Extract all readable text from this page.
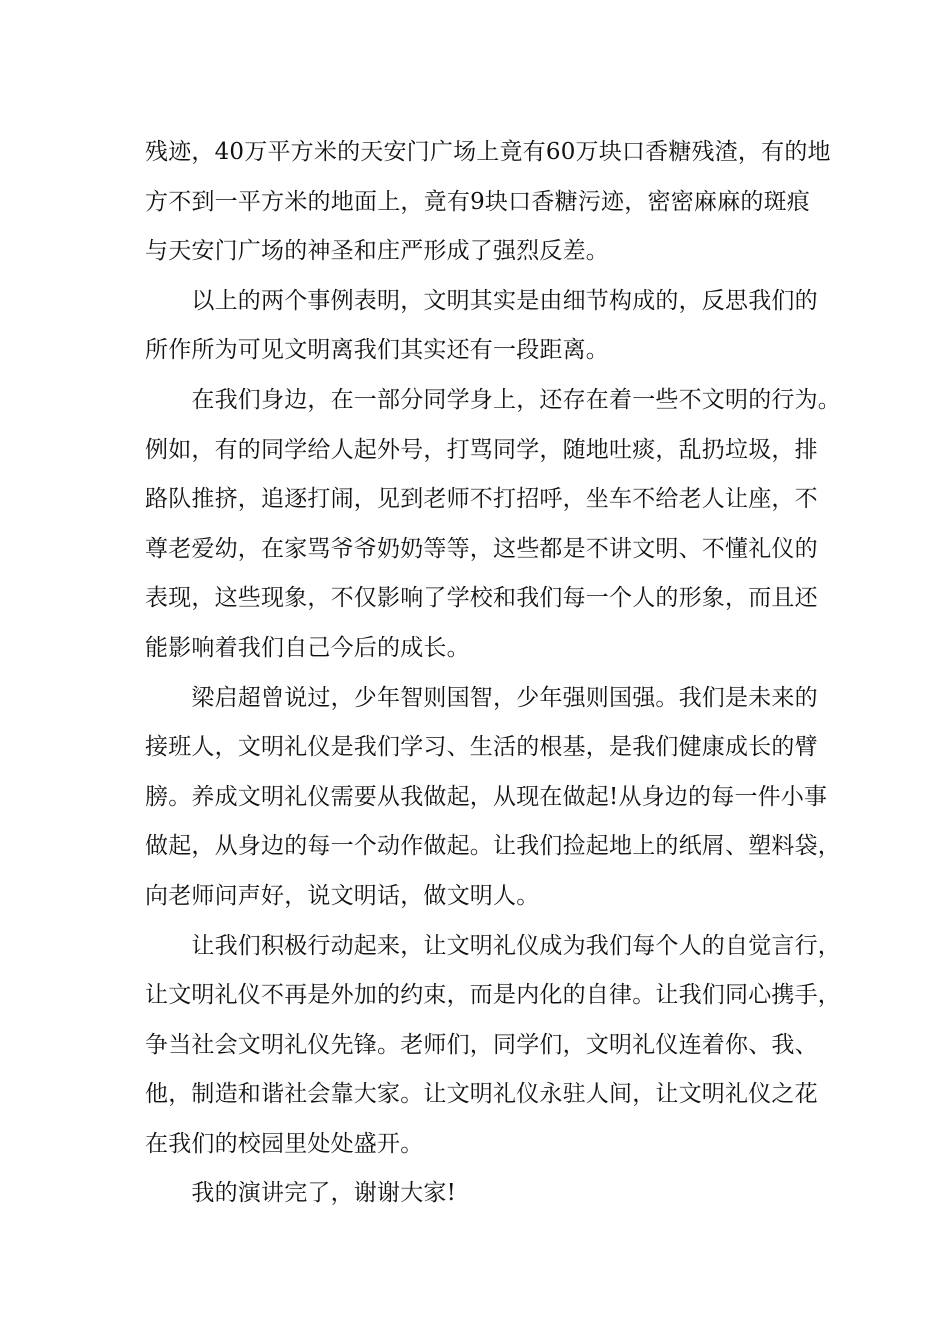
残迹，40万平方米的天安门广场上竟有60万块口香糖残渣，有的地
方不到一平方米的地面上，竟有9块口香糖污迹，密密麻麻的斑痕
与天安门广场的神圣和庄严形成了强烈反差。
　　以上的两个事例表明，文明其实是由细节构成的，反思我们的
所作所为可见文明离我们其实还有一段距离。
　　在我们身边，在一部分同学身上，还存在着一些不文明的行为。
例如，有的同学给人起外号，打骂同学，随地吐痰，乱扔垃圾，排
路队推挤，追逐打闹，见到老师不打招呼，坐车不给老人让座，不
尊老爱幼，在家骂爷爷奶奶等等，这些都是不讲文明、不懂礼仪的
表现，这些现象，不仅影响了学校和我们每一个人的形象，而且还
能影响着我们自己今后的成长。
　　梁启超曾说过，少年智则国智，少年强则国强。我们是未来的
接班人，文明礼仪是我们学习、生活的根基，是我们健康成长的臂
膀。养成文明礼仪需要从我做起，从现在做起!从身边的每一件小事
做起，从身边的每一个动作做起。让我们捡起地上的纸屑、塑料袋，
向老师问声好，说文明话，做文明人。
　　让我们积极行动起来，让文明礼仪成为我们每个人的自觉言行，
让文明礼仪不再是外加的约束，而是内化的自律。让我们同心携手，
争当社会文明礼仪先锋。老师们，同学们，文明礼仪连着你、我、
他，制造和谐社会靠大家。让文明礼仪永驻人间，让文明礼仪之花
在我们的校园里处处盛开。
　　我的演讲完了，谢谢大家!
